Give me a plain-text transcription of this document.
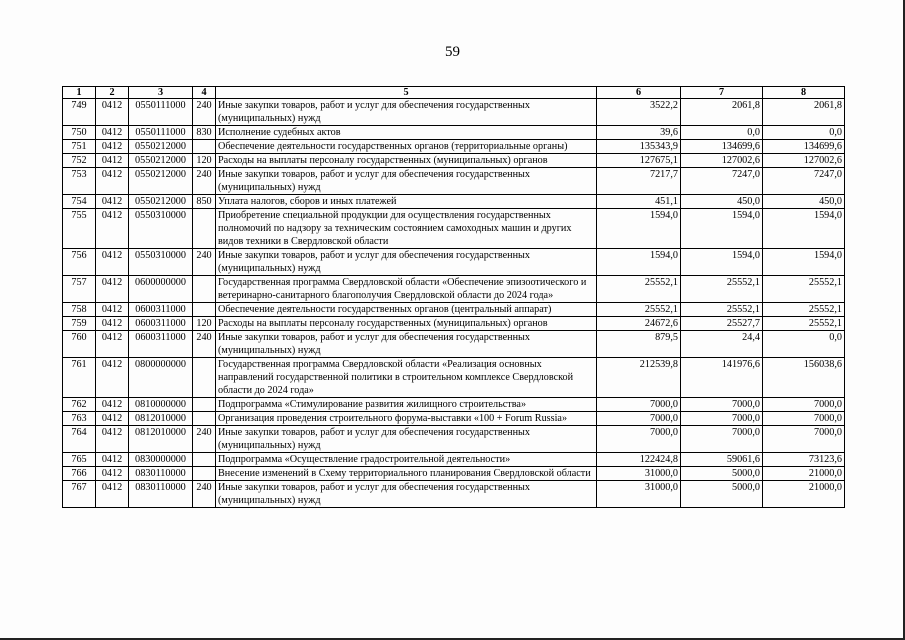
59
1	2	3	4	5	6	7	8
749	0412	0550111000	240	Иные закупки товаров, работ и услуг для обеспечения государственных (муниципальных) нужд	3522,2	2061,8	2061,8
750	0412	0550111000	830	Исполнение судебных актов	39,6	0,0	0,0
751	0412	0550212000		Обеспечение деятельности государственных органов (территориальные органы)	135343,9	134699,6	134699,6
752	0412	0550212000	120	Расходы на выплаты персоналу государственных (муниципальных) органов	127675,1	127002,6	127002,6
753	0412	0550212000	240	Иные закупки товаров, работ и услуг для обеспечения государственных (муниципальных) нужд	7217,7	7247,0	7247,0
754	0412	0550212000	850	Уплата налогов, сборов и иных платежей	451,1	450,0	450,0
755	0412	0550310000		Приобретение специальной продукции для осуществления государственных полномочий по надзору за техническим состоянием самоходных машин и других видов техники в Свердловской области	1594,0	1594,0	1594,0
756	0412	0550310000	240	Иные закупки товаров, работ и услуг для обеспечения государственных (муниципальных) нужд	1594,0	1594,0	1594,0
757	0412	0600000000		Государственная программа Свердловской области «Обеспечение эпизоотического и ветеринарно-санитарного благополучия Свердловской области до 2024 года»	25552,1	25552,1	25552,1
758	0412	0600311000		Обеспечение деятельности государственных органов (центральный аппарат)	25552,1	25552,1	25552,1
759	0412	0600311000	120	Расходы на выплаты персоналу государственных (муниципальных) органов	24672,6	25527,7	25552,1
760	0412	0600311000	240	Иные закупки товаров, работ и услуг для обеспечения государственных (муниципальных) нужд	879,5	24,4	0,0
761	0412	0800000000		Государственная программа Свердловской области «Реализация основных направлений государственной политики в строительном комплексе Свердловской области до 2024 года»	212539,8	141976,6	156038,6
762	0412	0810000000		Подпрограмма «Стимулирование развития жилищного строительства»	7000,0	7000,0	7000,0
763	0412	0812010000		Организация проведения строительного форума-выставки «100 + Forum Russia»	7000,0	7000,0	7000,0
764	0412	0812010000	240	Иные закупки товаров, работ и услуг для обеспечения государственных (муниципальных) нужд	7000,0	7000,0	7000,0
765	0412	0830000000		Подпрограмма «Осуществление градостроительной деятельности»	122424,8	59061,6	73123,6
766	0412	0830110000		Внесение изменений в Схему территориального планирования Свердловской области	31000,0	5000,0	21000,0
767	0412	0830110000	240	Иные закупки товаров, работ и услуг для обеспечения государственных (муниципальных) нужд	31000,0	5000,0	21000,0
